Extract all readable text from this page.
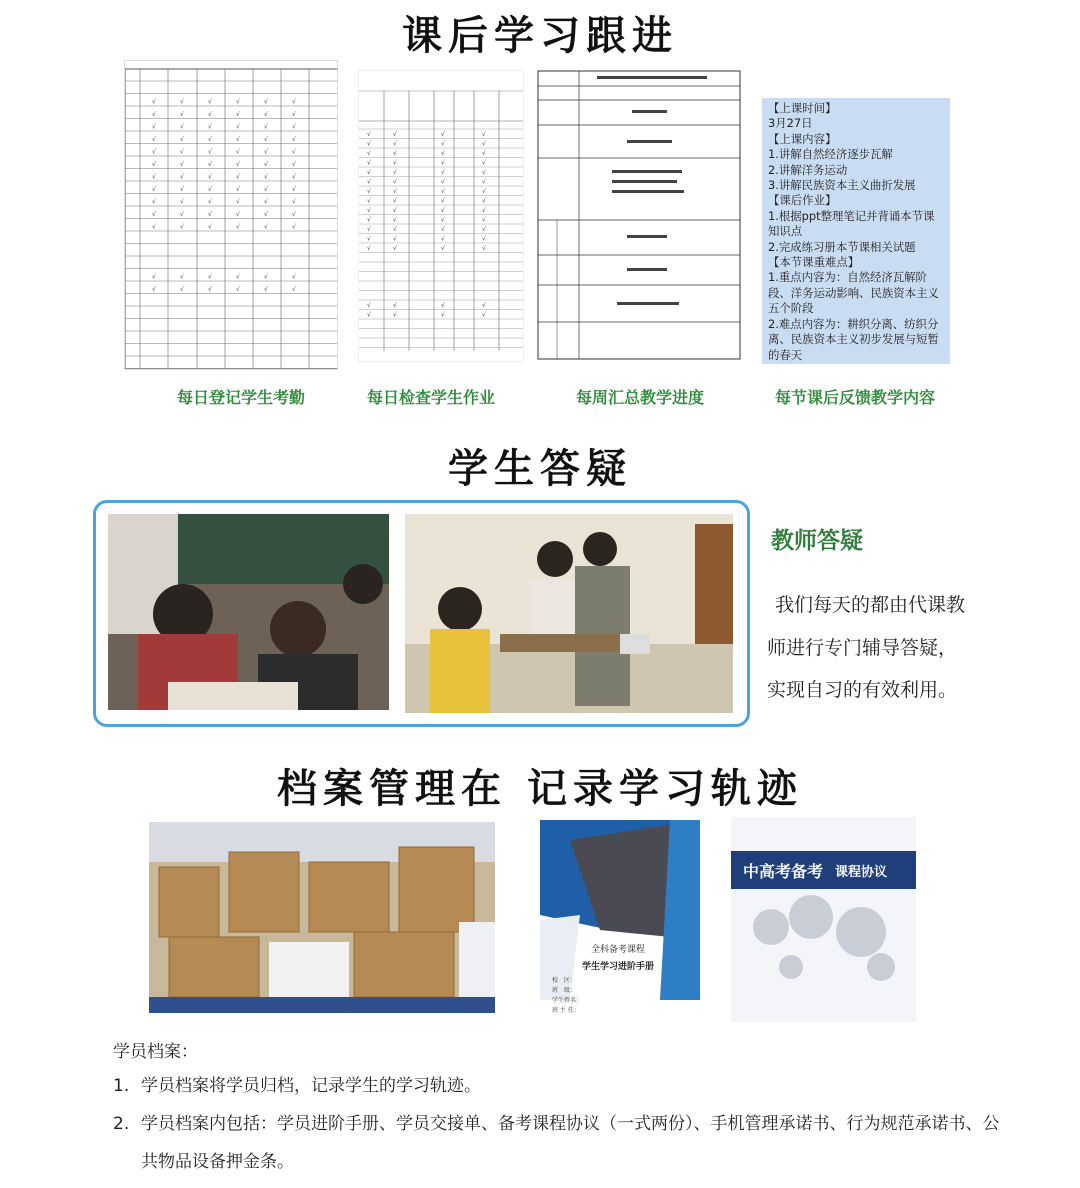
课后学习跟进
学生答疑
档案管理在 记录学习轨迹
√	√	√	√	√	√
√	√	√	√	√	√
√	√	√	√	√	√
√	√	√	√	√	√
√	√	√	√	√	√
√	√	√	√	√	√
√	√	√	√	√	√
√	√	√	√	√	√
√	√	√	√	√	√
√	√	√	√	√	√
√	√	√	√	√	√
√	√	√	√	√	√
√	√	√	√	√	√
√	√	√	√
√	√	√	√
√	√	√	√
√	√	√	√
√	√	√	√
√	√	√	√
√	√	√	√
√	√	√	√
√	√	√	√
√	√	√	√
√	√	√	√
√	√	√	√
√	√	√	√
√	√	√	√
√	√	√	√
【上课时间】
3月27日
【上课内容】
1.讲解自然经济逐步瓦解
2.讲解洋务运动
3.讲解民族资本主义曲折发展
【课后作业】
1.根据ppt整理笔记并背诵本节课知识点
2.完成练习册本节课相关试题
【本节课重难点】
1.重点内容为：自然经济瓦解阶段、洋务运动影响、民族资本主义五个阶段
2.难点内容为：耕织分离、纺织分离、民族资本主义初步发展与短暂的春天
每日登记学生考勤	每日检查学生作业	每周汇总教学进度	每节课后反馈教学内容
教师答疑
我们每天的都由代课教
师进行专门辅导答疑，
实现自习的有效利用。
全科备考课程
学生学习进阶手册
校　区：
班　级：
学生姓名：
班 主 任：
中高考备考 课程协议
学员档案：
1. 学员档案将学员归档，记录学生的学习轨迹。
2. 学员档案内包括：学员进阶手册、学员交接单、备考课程协议（一式两份）、手机管理承诺书、行为规范承诺书、公共物品设备押金条。
